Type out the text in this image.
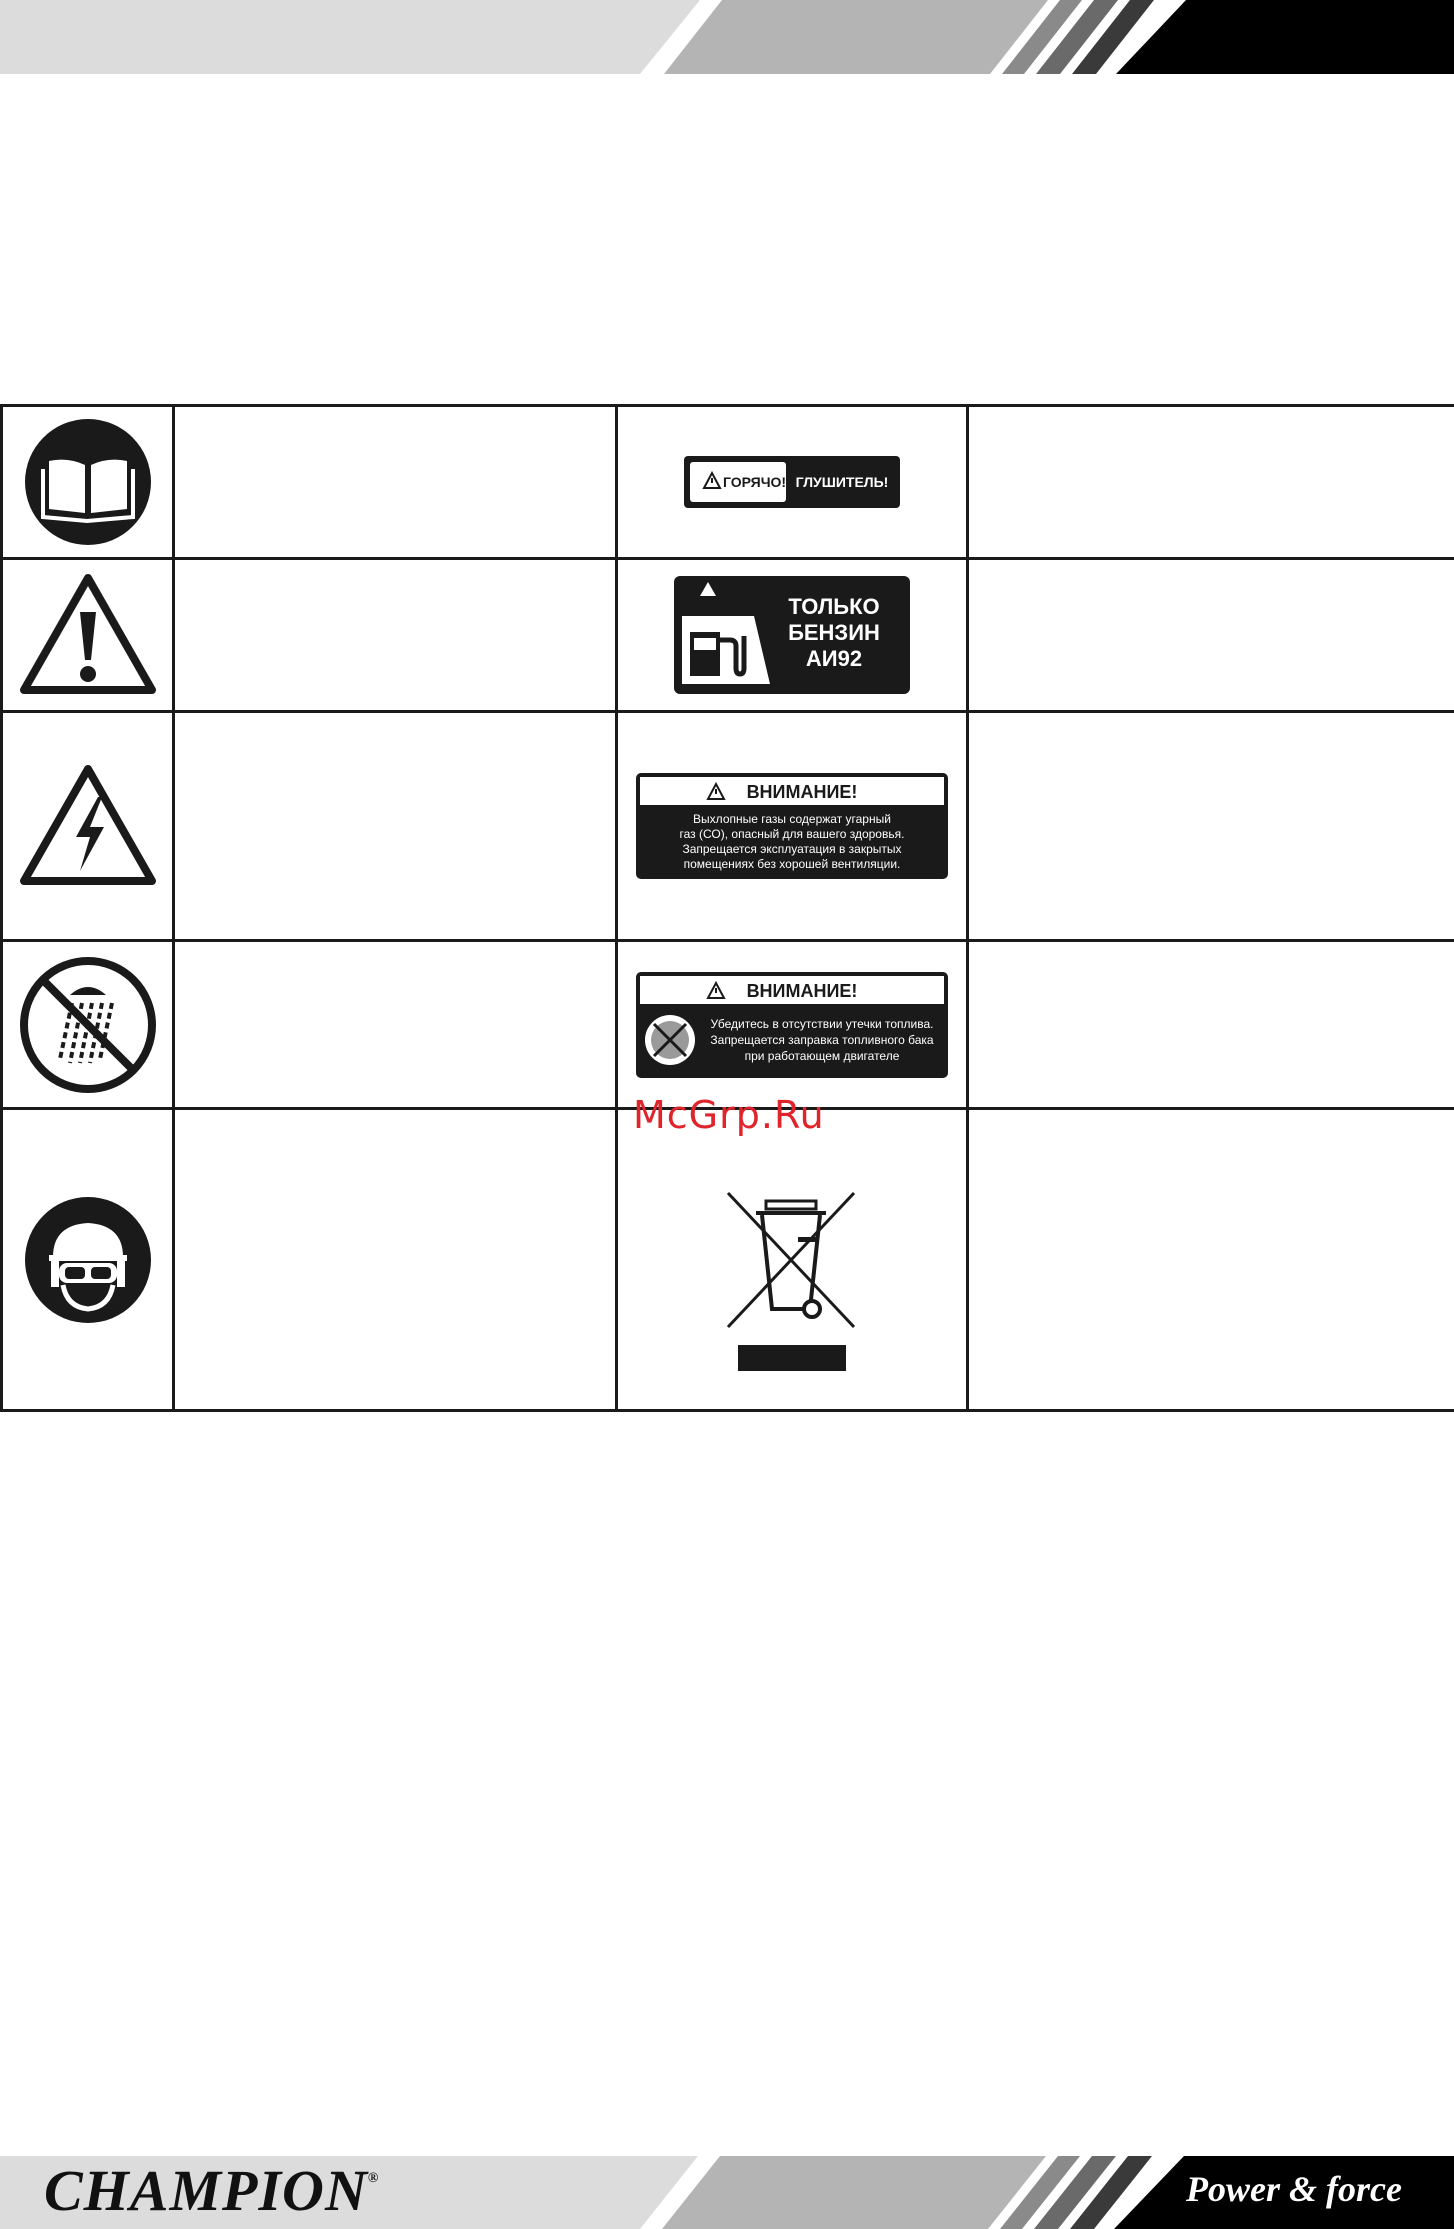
ГОРЯЧО! ГЛУШИТЕЛЬ!	

ТОЛЬКО
БЕНЗИН
АИ92	

ВНИМАНИЕ!
Выхлопные газы содержат угарный
газ (СО), опасный для вашего здоровья.
Запрещается эксплуатация в закрытых
помещениях без хорошей вентиляции.	

ВНИМАНИЕ!
Убедитесь в отсутствии утечки топлива.
Запрещается заправка топливного бака
при работающем двигателе	

McGrp.Ru
CHAMPION®	Power & force
